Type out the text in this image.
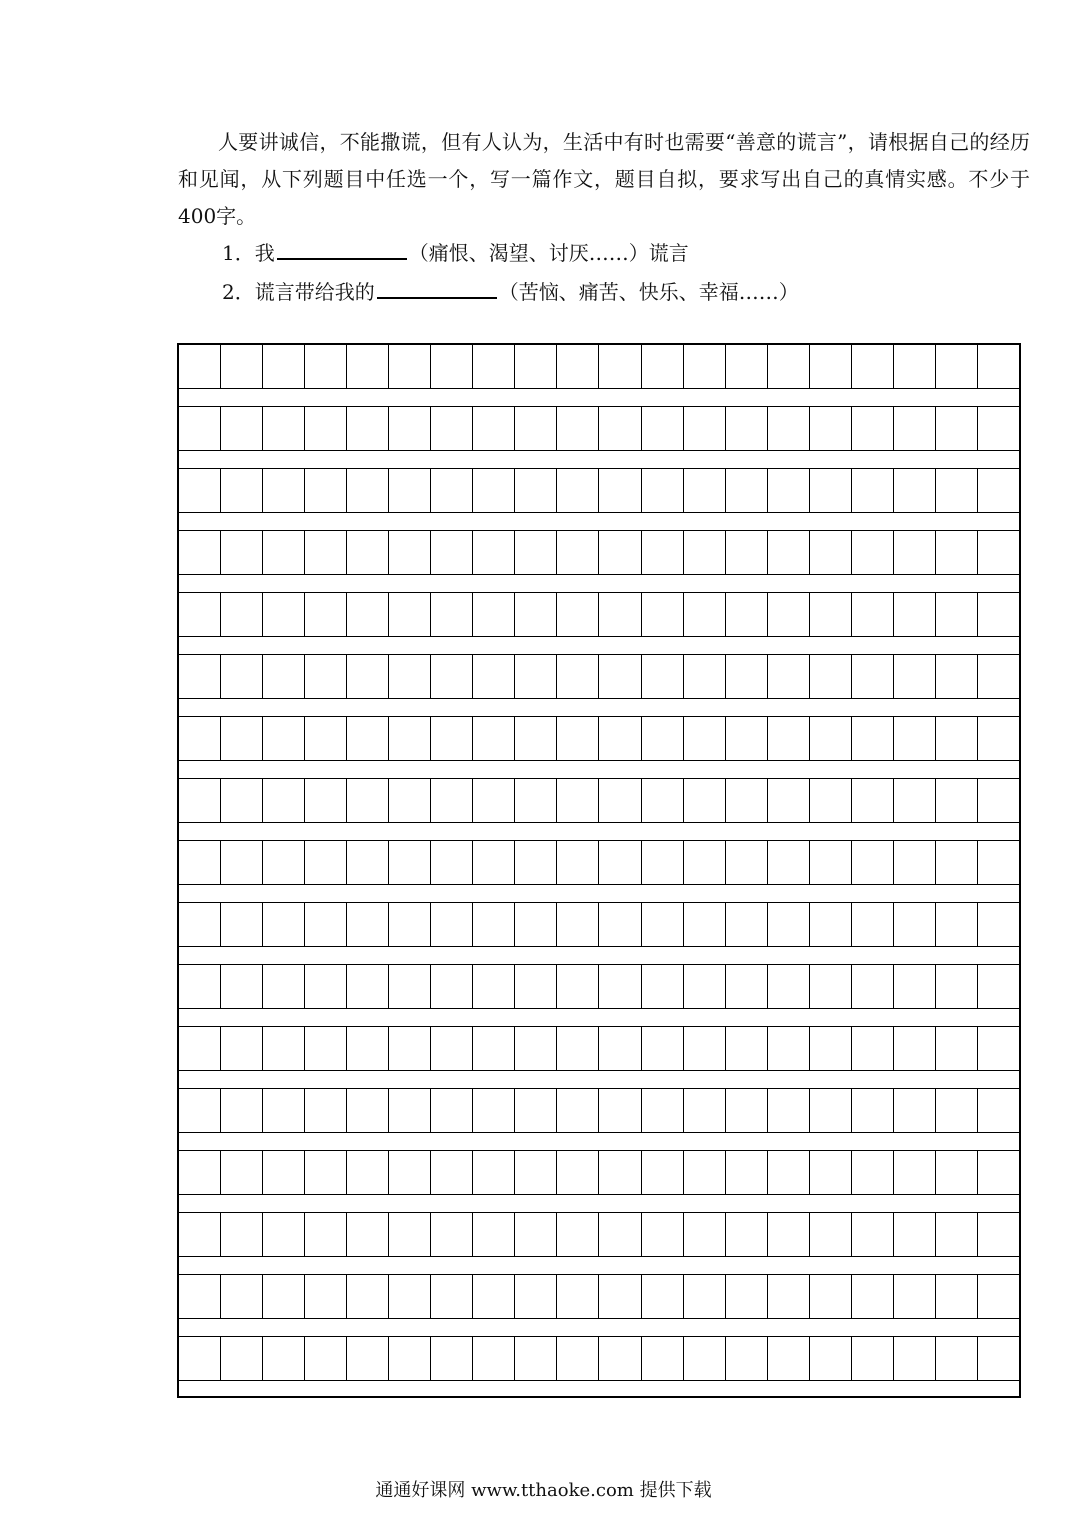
人要讲诚信，不能撒谎，但有人认为，生活中有时也需要“善意的谎言”，请根据自己的经历和见闻，从下列题目中任选一个，写一篇作文，题目自拟，要求写出自己的真情实感。不少于400字。

1．我	（痛恨、渴望、讨厌……）谎言
2．谎言带给我的	（苦恼、痛苦、快乐、幸福……）
通通好课网 www.tthaoke.com 提供下载
